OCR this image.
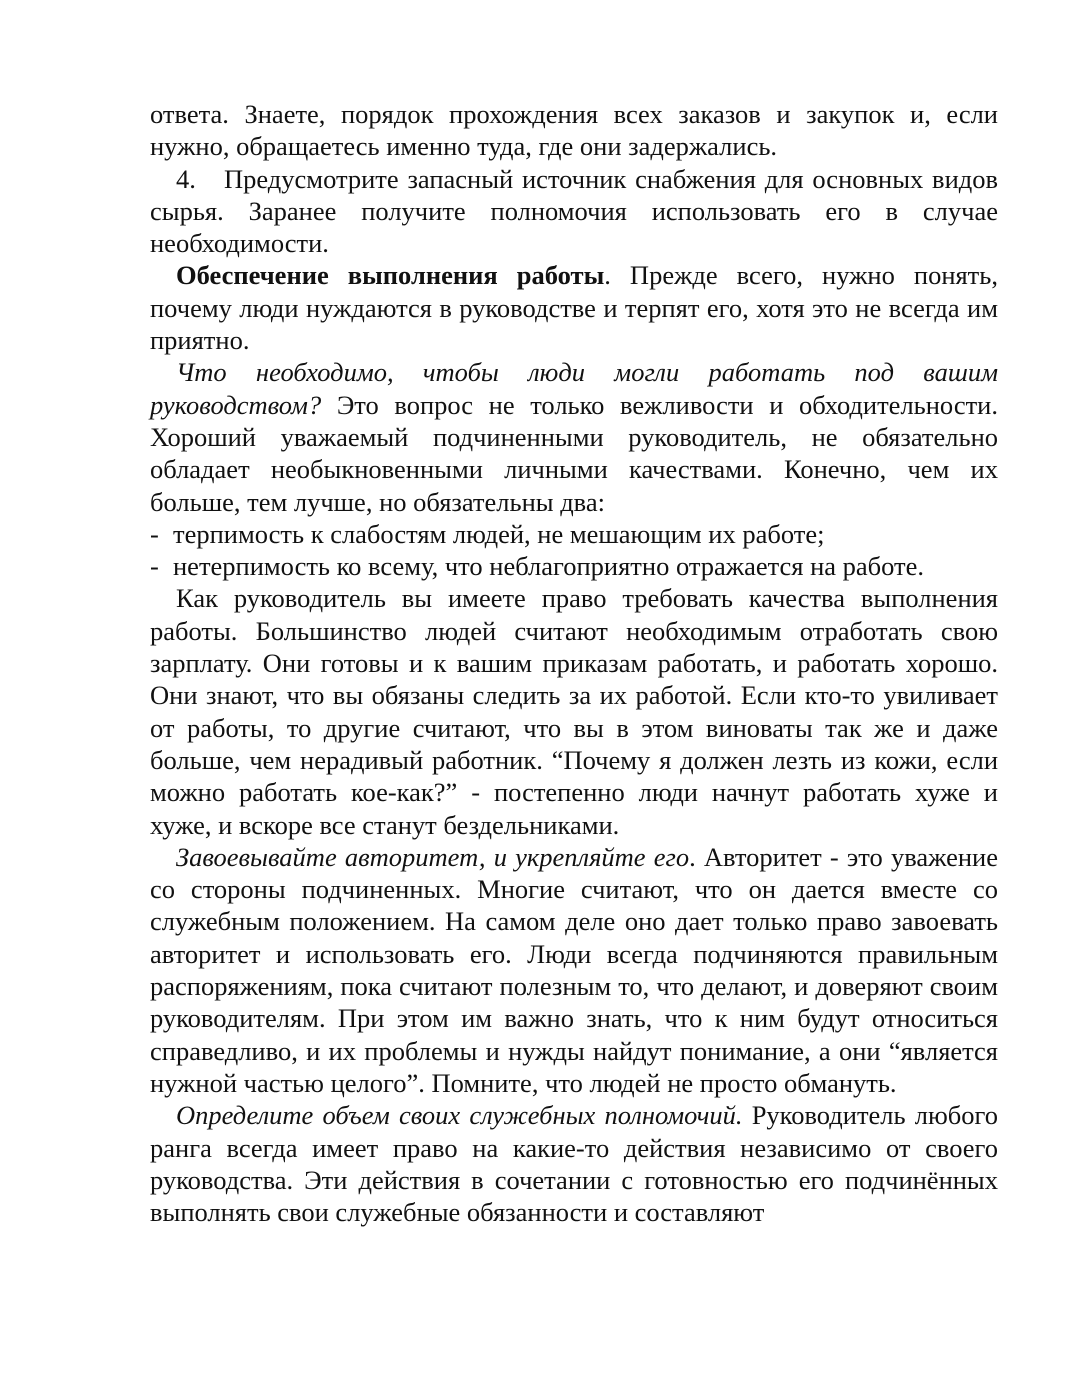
ответа. Знаете, порядок прохождения всех заказов и закупок и, если нужно, обращаетесь именно туда, где они задержались.

4. Предусмотрите запасный источник снабжения для основных видов сырья. Заранее получите полномочия использовать его в случае необходимости.

Обеспечение выполнения работы. Прежде всего, нужно понять, почему люди нуждаются в руководстве и терпят его, хотя это не всегда им приятно.

Что необходимо, чтобы люди могли работать под вашим руководством? Это вопрос не только вежливости и обходительности. Хороший уважаемый подчиненными руководитель, не обязательно обладает необыкновенными личными качествами. Конечно, чем их больше, тем лучше, но обязательны два:

- терпимость к слабостям людей, не мешающим их работе;

- нетерпимость ко всему, что неблагоприятно отражается на работе.

Как руководитель вы имеете право требовать качества выполнения работы. Большинство людей считают необходимым отработать свою зарплату. Они готовы и к вашим приказам работать, и работать хорошо. Они знают, что вы обязаны следить за их работой. Если кто-то увиливает от работы, то другие считают, что вы в этом виноваты так же и даже больше, чем нерадивый работник. “Почему я должен лезть из кожи, если можно работать кое-как?” - постепенно люди начнут работать хуже и хуже, и вскоре все станут бездельниками.

Завоевывайте авторитет, и укрепляйте его. Авторитет - это уважение со стороны подчиненных. Многие считают, что он дается вместе со служебным положением. На самом деле оно дает только право завоевать авторитет и использовать его. Люди всегда подчиняются правильным распоряжениям, пока считают полезным то, что делают, и доверяют своим руководителям. При этом им важно знать, что к ним будут относиться справедливо, и их проблемы и нужды найдут понимание, а они “является нужной частью целого”. Помните, что людей не просто обмануть.

Определите объем своих служебных полномочий. Руководитель любого ранга всегда имеет право на какие-то действия независимо от своего руководства. Эти действия в сочетании с готовностью его подчинённых выполнять свои служебные обязанности и составляют
